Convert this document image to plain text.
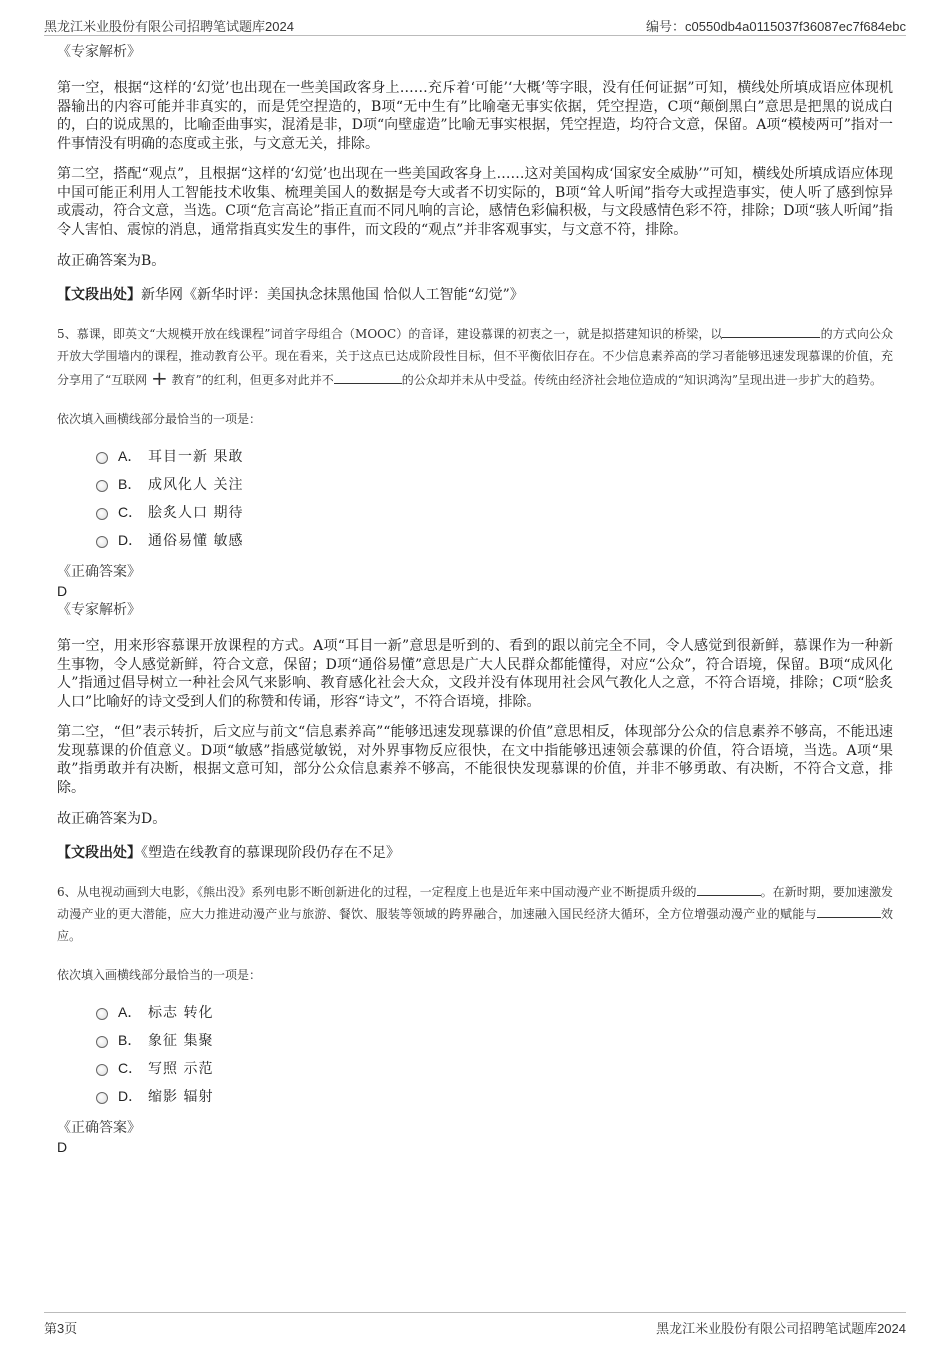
黑龙江米业股份有限公司招聘笔试题库2024	编号：c0550db4a0115037f36087ec7f684ebc
《专家解析》

第一空，根据“这样的‘幻觉’也出现在一些美国政客身上……充斥着‘可能’‘大概’等字眼，没有任何证据”可知，横线处所填成语应体现机器输出的内容可能并非真实的，而是凭空捏造的，B项“无中生有”比喻毫无事实依据，凭空捏造，C项“颠倒黑白”意思是把黑的说成白的，白的说成黑的，比喻歪曲事实，混淆是非，D项“向壁虚造”比喻无事实根据，凭空捏造，均符合文意，保留。A项“模棱两可”指对一件事情没有明确的态度或主张，与文意无关，排除。

第二空，搭配“观点”，且根据“这样的‘幻觉’也出现在一些美国政客身上……这对美国构成‘国家安全威胁’”可知，横线处所填成语应体现中国可能正利用人工智能技术收集、梳理美国人的数据是夸大或者不切实际的，B项“耸人听闻”指夸大或捏造事实，使人听了感到惊异或震动，符合文意，当选。C项“危言高论”指正直而不同凡响的言论，感情色彩偏积极，与文段感情色彩不符，排除；D项“骇人听闻”指令人害怕、震惊的消息，通常指真实发生的事件，而文段的“观点”并非客观事实，与文意不符，排除。

故正确答案为B。

【文段出处】新华网《新华时评：美国执念抹黑他国 恰似人工智能“幻觉”》

5、慕课，即英文“大规模开放在线课程”词首字母组合（MOOC）的音译，建设慕课的初衷之一，就是拟搭建知识的桥梁，以	的方式向公众开放大学围墙内的课程，推动教育公平。现在看来，关于这点已达成阶段性目标，但不平衡依旧存在。不少信息素养高的学习者能够迅速发现慕课的价值，充分享用了“互联网 + 教育”的红利，但更多对此并不	的公众却并未从中受益。传统由经济社会地位造成的“知识鸿沟”呈现出进一步扩大的趋势。

依次填入画横线部分最恰当的一项是：

A． 耳目一新 果敢
B． 成风化人 关注
C． 脍炙人口 期待
D． 通俗易懂 敏感
《正确答案》
D
《专家解析》

第一空，用来形容慕课开放课程的方式。A项“耳目一新”意思是听到的、看到的跟以前完全不同，令人感觉到很新鲜，慕课作为一种新生事物，令人感觉新鲜，符合文意，保留；D项“通俗易懂”意思是广大人民群众都能懂得，对应“公众”，符合语境，保留。B项“成风化人”指通过倡导树立一种社会风气来影响、教育感化社会大众，文段并没有体现用社会风气教化人之意，不符合语境，排除；C项“脍炙人口”比喻好的诗文受到人们的称赞和传诵，形容“诗文”，不符合语境，排除。

第二空，“但”表示转折，后文应与前文“信息素养高”“能够迅速发现慕课的价值”意思相反，体现部分公众的信息素养不够高，不能迅速发现慕课的价值意义。D项“敏感”指感觉敏锐，对外界事物反应很快，在文中指能够迅速领会慕课的价值，符合语境，当选。A项“果敢”指勇敢并有决断，根据文意可知，部分公众信息素养不够高，不能很快发现慕课的价值，并非不够勇敢、有决断，不符合文意，排除。

故正确答案为D。

【文段出处】《塑造在线教育的慕课现阶段仍存在不足》

6、从电视动画到大电影，《熊出没》系列电影不断创新进化的过程，一定程度上也是近年来中国动漫产业不断提质升级的	。在新时期，要加速激发动漫产业的更大潜能，应大力推进动漫产业与旅游、餐饮、服装等领域的跨界融合，加速融入国民经济大循环，全方位增强动漫产业的赋能与	效应。

依次填入画横线部分最恰当的一项是：

A． 标志 转化
B． 象征 集聚
C． 写照 示范
D． 缩影 辐射
《正确答案》
D
第3页	黑龙江米业股份有限公司招聘笔试题库2024
